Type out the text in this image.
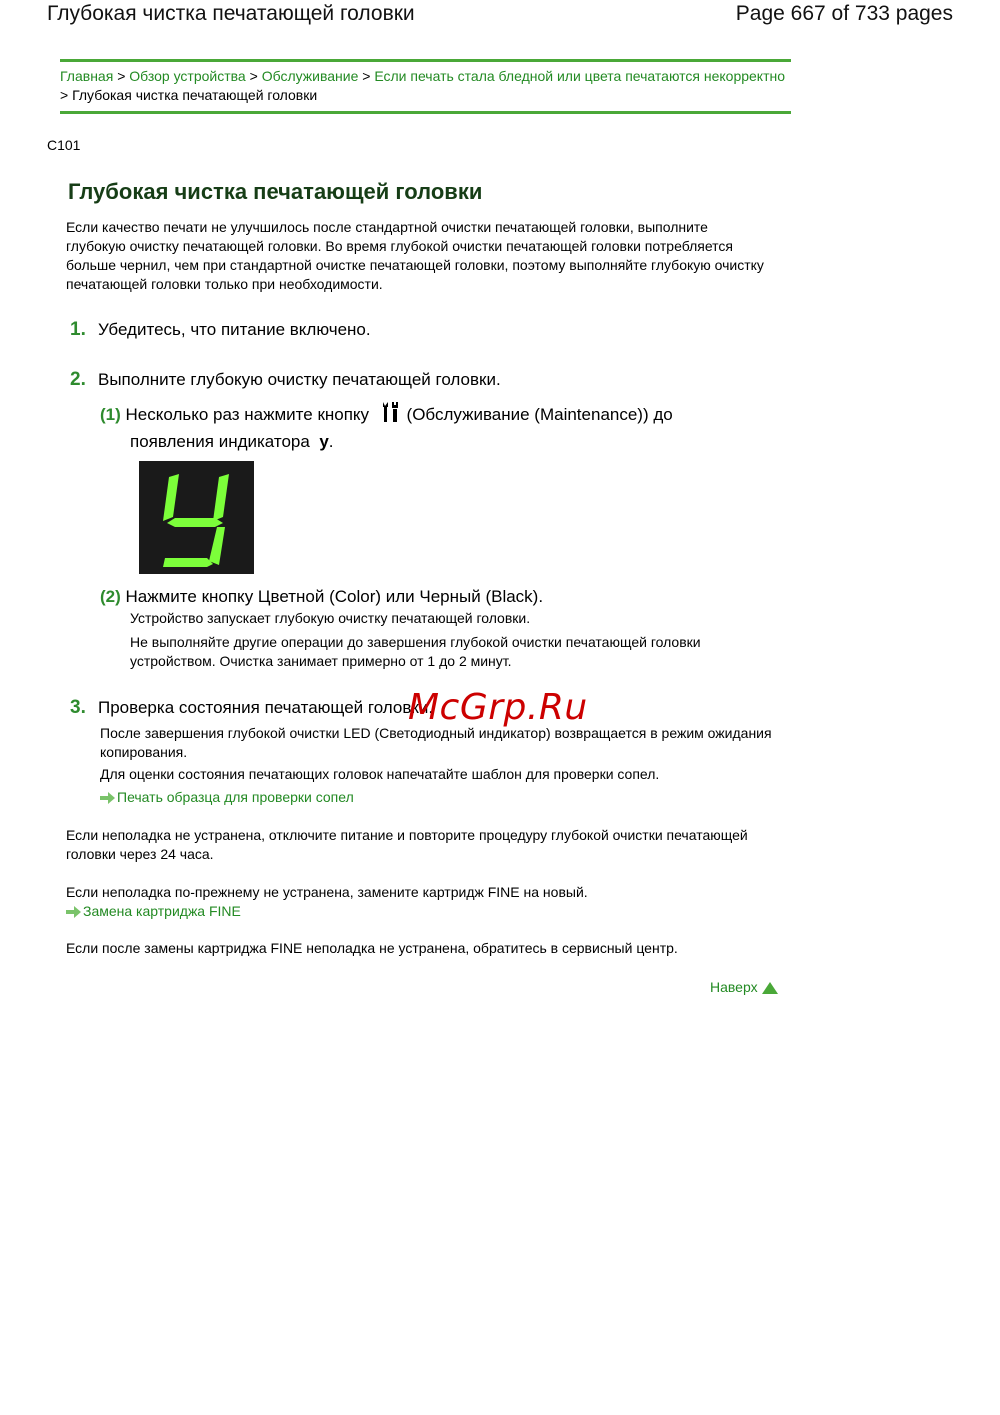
Глубокая чистка печатающей головки	Page 667 of 733 pages
Главная > Обзор устройства > Обслуживание > Если печать стала бледной или цвета печатаются некорректно > Глубокая чистка печатающей головки
C101
Глубокая чистка печатающей головки
Если качество печати не улучшилось после стандартной очистки печатающей головки, выполните глубокую очистку печатающей головки. Во время глубокой очистки печатающей головки потребляется больше чернил, чем при стандартной очистке печатающей головки, поэтому выполняйте глубокую очистку печатающей головки только при необходимости.
1. Убедитесь, что питание включено.
2. Выполните глубокую очистку печатающей головки.
(1) Несколько раз нажмите кнопку (Обслуживание (Maintenance)) до
появления индикатора y.
(2) Нажмите кнопку Цветной (Color) или Черный (Black).
Устройство запускает глубокую очистку печатающей головки.
Не выполняйте другие операции до завершения глубокой очистки печатающей головки устройством. Очистка занимает примерно от 1 до 2 минут.
3. Проверка состояния печатающей головки.
После завершения глубокой очистки LED (Светодиодный индикатор) возвращается в режим ожидания копирования.
Для оценки состояния печатающих головок напечатайте шаблон для проверки сопел.
Печать образца для проверки сопел
Если неполадка не устранена, отключите питание и повторите процедуру глубокой очистки печатающей головки через 24 часа.
Если неполадка по-прежнему не устранена, замените картридж FINE на новый.
Замена картриджа FINE
Если после замены картриджа FINE неполадка не устранена, обратитесь в сервисный центр.
Наверх
McGrp.Ru
